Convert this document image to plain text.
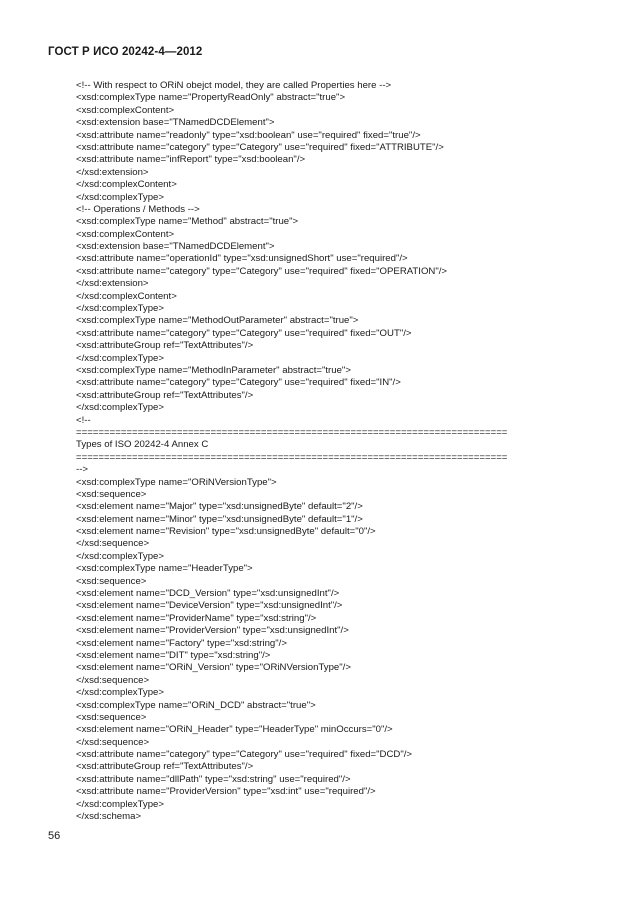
ГОСТ Р ИСО 20242-4—2012
<!-- With respect to ORiN obejct model, they are called Properties here -->
<xsd:complexType name="PropertyReadOnly" abstract="true">
<xsd:complexContent>
<xsd:extension base="TNamedDCDElement">
<xsd:attribute name="readonly" type="xsd:boolean" use="required" fixed="true"/>
<xsd:attribute name="category" type="Category" use="required" fixed="ATTRIBUTE"/>
<xsd:attribute name="infReport" type="xsd:boolean"/>
</xsd:extension>
</xsd:complexContent>
</xsd:complexType>
<!-- Operations / Methods -->
<xsd:complexType name="Method" abstract="true">
<xsd:complexContent>
<xsd:extension base="TNamedDCDElement">
<xsd:attribute name="operationId" type="xsd:unsignedShort" use="required"/>
<xsd:attribute name="category" type="Category" use="required" fixed="OPERATION"/>
</xsd:extension>
</xsd:complexContent>
</xsd:complexType>
<xsd:complexType name="MethodOutParameter" abstract="true">
<xsd:attribute name="category" type="Category" use="required" fixed="OUT"/>
<xsd:attributeGroup ref="TextAttributes"/>
</xsd:complexType>
<xsd:complexType name="MethodInParameter" abstract="true">
<xsd:attribute name="category" type="Category" use="required" fixed="IN"/>
<xsd:attributeGroup ref="TextAttributes"/>
</xsd:complexType>
<!--
=============================================================================
Types of ISO 20242-4 Annex C
=============================================================================
-->
<xsd:complexType name="ORiNVersionType">
<xsd:sequence>
<xsd:element name="Major" type="xsd:unsignedByte" default="2"/>
<xsd:element name="Minor" type="xsd:unsignedByte" default="1"/>
<xsd:element name="Revision" type="xsd:unsignedByte" default="0"/>
</xsd:sequence>
</xsd:complexType>
<xsd:complexType name="HeaderType">
<xsd:sequence>
<xsd:element name="DCD_Version" type="xsd:unsignedInt"/>
<xsd:element name="DeviceVersion" type="xsd:unsignedInt"/>
<xsd:element name="ProviderName" type="xsd:string"/>
<xsd:element name="ProviderVersion" type="xsd:unsignedInt"/>
<xsd:element name="Factory" type="xsd:string"/>
<xsd:element name="DIT" type="xsd:string"/>
<xsd:element name="ORiN_Version" type="ORiNVersionType"/>
</xsd:sequence>
</xsd:complexType>
<xsd:complexType name="ORiN_DCD" abstract="true">
<xsd:sequence>
<xsd:element name="ORiN_Header" type="HeaderType" minOccurs="0"/>
</xsd:sequence>
<xsd:attribute name="category" type="Category" use="required" fixed="DCD"/>
<xsd:attributeGroup ref="TextAttributes"/>
<xsd:attribute name="dllPath" type="xsd:string" use="required"/>
<xsd:attribute name="ProviderVersion" type="xsd:int" use="required"/>
</xsd:complexType>
</xsd:schema>
56
